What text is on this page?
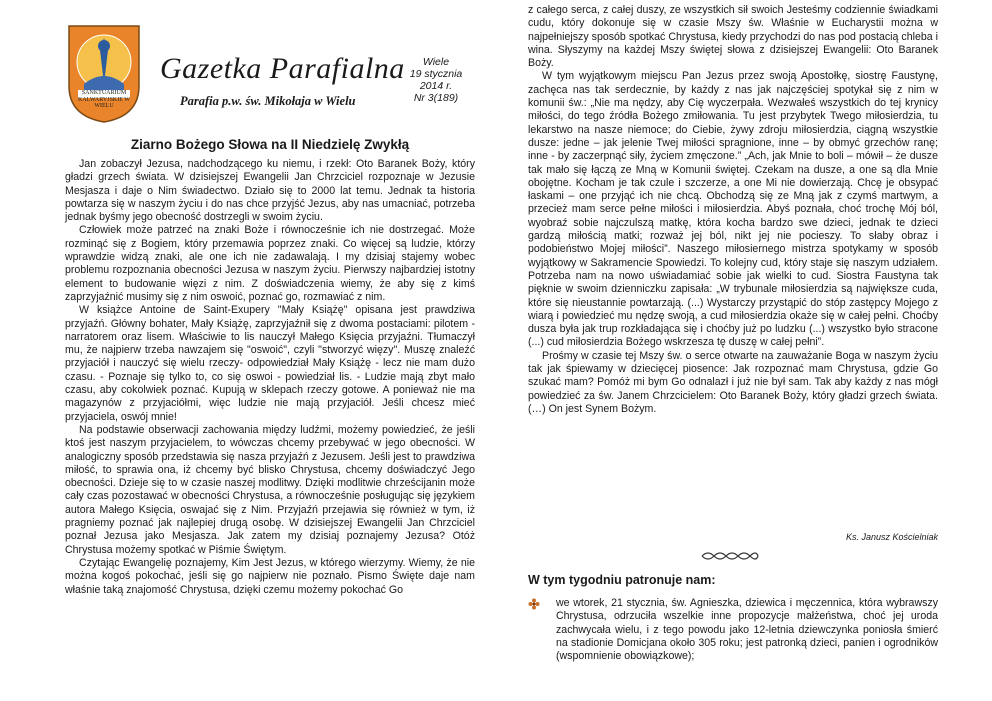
SANKTUARIUM KALWARYJSKIE W WIELU
Gazetka Parafialna
Parafia p.w. św. Mikołaja w Wielu
Wiele
19 stycznia
2014 r.
Nr 3(189)
Ziarno Bożego Słowa na II Niedzielę Zwykłą

Jan zobaczył Jezusa, nadchodzącego ku niemu, i rzekł: Oto Baranek Boży, który gładzi grzech świata. W dzisiejszej Ewangelii Jan Chrzciciel rozpoznaje w Jezusie Mesjasza i daje o Nim świadectwo. Działo się to 2000 lat temu. Jednak ta historia powtarza się w naszym życiu i do nas chce przyjść Jezus, aby nas umacniać, potrzeba jednak byśmy jego obecność dostrzegli w swoim życiu.

Człowiek może patrzeć na znaki Boże i równocześnie ich nie dostrzegać. Może rozminąć się z Bogiem, który przemawia poprzez znaki. Co więcej są ludzie, którzy wprawdzie widzą znaki, ale one ich nie zadawalają. I my dzisiaj stajemy wobec problemu rozpoznania obecności Jezusa w naszym życiu. Pierwszy najbardziej istotny element to budowanie więzi z nim. Z doświadczenia wiemy, że aby się z kimś zaprzyjaźnić musimy się z nim oswoić, poznać go, rozmawiać z nim.

W książce Antoine de Saint-Exupery "Mały Książę" opisana jest prawdziwa przyjaźń. Główny bohater, Mały Książę, zaprzyjaźnił się z dwoma postaciami: pilotem - narratorem oraz lisem. Właściwie to lis nauczył Małego Księcia przyjaźni. Tłumaczył mu, że najpierw trzeba nawzajem się "oswoić", czyli "stworzyć więzy". Muszę znaleźć przyjaciół i nauczyć się wielu rzeczy- odpowiedział Mały Książę - lecz nie mam dużo czasu. - Poznaje się tylko to, co się oswoi - powiedział lis. - Ludzie mają zbyt mało czasu, aby cokolwiek poznać. Kupują w sklepach rzeczy gotowe. A ponieważ nie ma magazynów z przyjaciółmi, więc ludzie nie mają przyjaciół. Jeśli chcesz mieć przyjaciela, oswój mnie!

Na podstawie obserwacji zachowania między ludźmi, możemy powiedzieć, że jeśli ktoś jest naszym przyjacielem, to wówczas chcemy przebywać w jego obecności. W analogiczny sposób przedstawia się nasza przyjaźń z Jezusem. Jeśli jest to prawdziwa miłość, to sprawia ona, iż chcemy być blisko Chrystusa, chcemy doświadczyć Jego obecności. Dzieje się to w czasie naszej modlitwy. Dzięki modlitwie chrześcijanin może cały czas pozostawać w obecności Chrystusa, a równocześnie posługując się językiem autora Małego Księcia, oswajać się z Nim. Przyjaźń przejawia się również w tym, iż pragniemy poznać jak najlepiej drugą osobę. W dzisiejszej Ewangelii Jan Chrzciciel poznał Jezusa jako Mesjasza. Jak zatem my dzisiaj poznajemy Jezusa? Otóż Chrystusa możemy spotkać w Piśmie Świętym.

Czytając Ewangelię poznajemy, Kim Jest Jezus, w którego wierzymy. Wiemy, że nie można kogoś pokochać, jeśli się go najpierw nie poznało. Pismo Święte daje nam właśnie taką znajomość Chrystusa, dzięki czemu możemy pokochać Go

z całego serca, z całej duszy, ze wszystkich sił swoich Jesteśmy codziennie świadkami cudu, który dokonuje się w czasie Mszy św. Właśnie w Eucharystii można w najpełniejszy sposób spotkać Chrystusa, kiedy przychodzi do nas pod postacią chleba i wina. Słyszymy na każdej Mszy świętej słowa z dzisiejszej Ewangelii: Oto Baranek Boży.

W tym wyjątkowym miejscu Pan Jezus przez swoją Apostołkę, siostrę Faustynę, zachęca nas tak serdecznie, by każdy z nas jak najczęściej spotykał się z nim w komunii św.: „Nie ma nędzy, aby Cię wyczerpała. Wezwałeś wszystkich do tej krynicy miłości, do tego źródła Bożego zmiłowania. Tu jest przybytek Twego miłosierdzia, tu lekarstwo na nasze niemoce; do Ciebie, żywy zdroju miłosierdzia, ciągną wszystkie dusze: jedne – jak jelenie Twej miłości spragnione, inne – by obmyć grzechów ranę; inne - by zaczerpnąć siły, życiem zmęczone.” „Ach, jak Mnie to boli – mówił – że dusze tak mało się łączą ze Mną w Komunii świętej. Czekam na dusze, a one są dla Mnie obojętne. Kocham je tak czule i szczerze, a one Mi nie dowierzają. Chcę je obsypać łaskami – one przyjąć ich nie chcą. Obchodzą się ze Mną jak z czymś martwym, a przecież mam serce pełne miłości i miłosierdzia. Abyś poznała, choć trochę Mój ból, wyobraź sobie najczulszą matkę, która kocha bardzo swe dzieci, jednak te dzieci gardzą miłością matki; rozważ jej ból, nikt jej nie pocieszy. To słaby obraz i podobieństwo Mojej miłości”. Naszego miłosiernego mistrza spotykamy w sposób wyjątkowy w Sakramencie Spowiedzi. To kolejny cud, który staje się naszym udziałem. Potrzeba nam na nowo uświadamiać sobie jak wielki to cud. Siostra Faustyna tak pięknie w swoim dzienniczku zapisała: „W trybunale miłosierdzia są największe cuda, które się nieustannie powtarzają. (...) Wystarczy przystąpić do stóp zastępcy Mojego z wiarą i powiedzieć mu nędzę swoją, a cud miłosierdzia okaże się w całej pełni. Choćby dusza była jak trup rozkładająca się i choćby już po ludzku (...) wszystko było stracone (...) cud miłosierdzia Bożego wskrzesza tę duszę w całej pełni”.

Prośmy w czasie tej Mszy św. o serce otwarte na zauważanie Boga w naszym życiu tak jak śpiewamy w dziecięcej piosence: Jak rozpoznać mam Chrystusa, gdzie Go szukać mam? Pomóż mi bym Go odnalazł i już nie był sam. Tak aby każdy z nas mógł powiedzieć za św. Janem Chrzcicielem: Oto Baranek Boży, który gładzi grzech świata. (…) On jest Synem Bożym.

Ks. Janusz Kościelniak
W tym tygodniu patronuje nam:

we wtorek, 21 stycznia, św. Agnieszka, dziewica i męczennica, która wybrawszy Chrystusa, odrzuciła wszelkie inne propozycje małżeństwa, choć jej uroda zachwycała wielu, i z tego powodu jako 12-letnia dziewczynka poniosła śmierć na stadionie Domicjana około 305 roku; jest patronką dzieci, panien i ogrodników (wspomnienie obowiązkowe);
